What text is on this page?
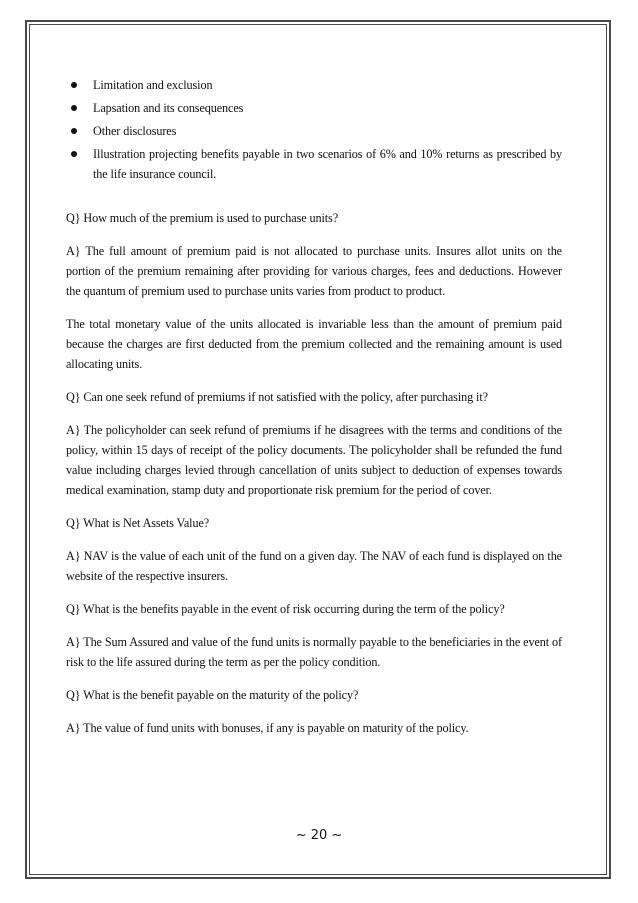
Limitation and exclusion
Lapsation and its consequences
Other disclosures
Illustration projecting benefits payable in two scenarios of 6% and 10% returns as prescribed by the life insurance council.

Q} How much of the premium is used to purchase units?

A} The full amount of premium paid is not allocated to purchase units. Insures allot units on the portion of the premium remaining after providing for various charges, fees and deductions. However the quantum of premium used to purchase units varies from product to product.

The total monetary value of the units allocated is invariable less than the amount of premium paid because the charges are first deducted from the premium collected and the remaining amount is used allocating units.

Q} Can one seek refund of premiums if not satisfied with the policy, after purchasing it?

A} The policyholder can seek refund of premiums if he disagrees with the terms and conditions of the policy, within 15 days of receipt of the policy documents. The policyholder shall be refunded the fund value including charges levied through cancellation of units subject to deduction of expenses towards medical examination, stamp duty and proportionate risk premium for the period of cover.

Q} What is Net Assets Value?

A} NAV is the value of each unit of the fund on a given day. The NAV of each fund is displayed on the website of the respective insurers.

Q} What is the benefits payable in the event of risk occurring during the term of the policy?

A} The Sum Assured and value of the fund units is normally payable to the beneficiaries in the event of risk to the life assured during the term as per the policy condition.

Q} What is the benefit payable on the maturity of the policy?

A} The value of fund units with bonuses, if any is payable on maturity of the policy.

~ 20 ~
